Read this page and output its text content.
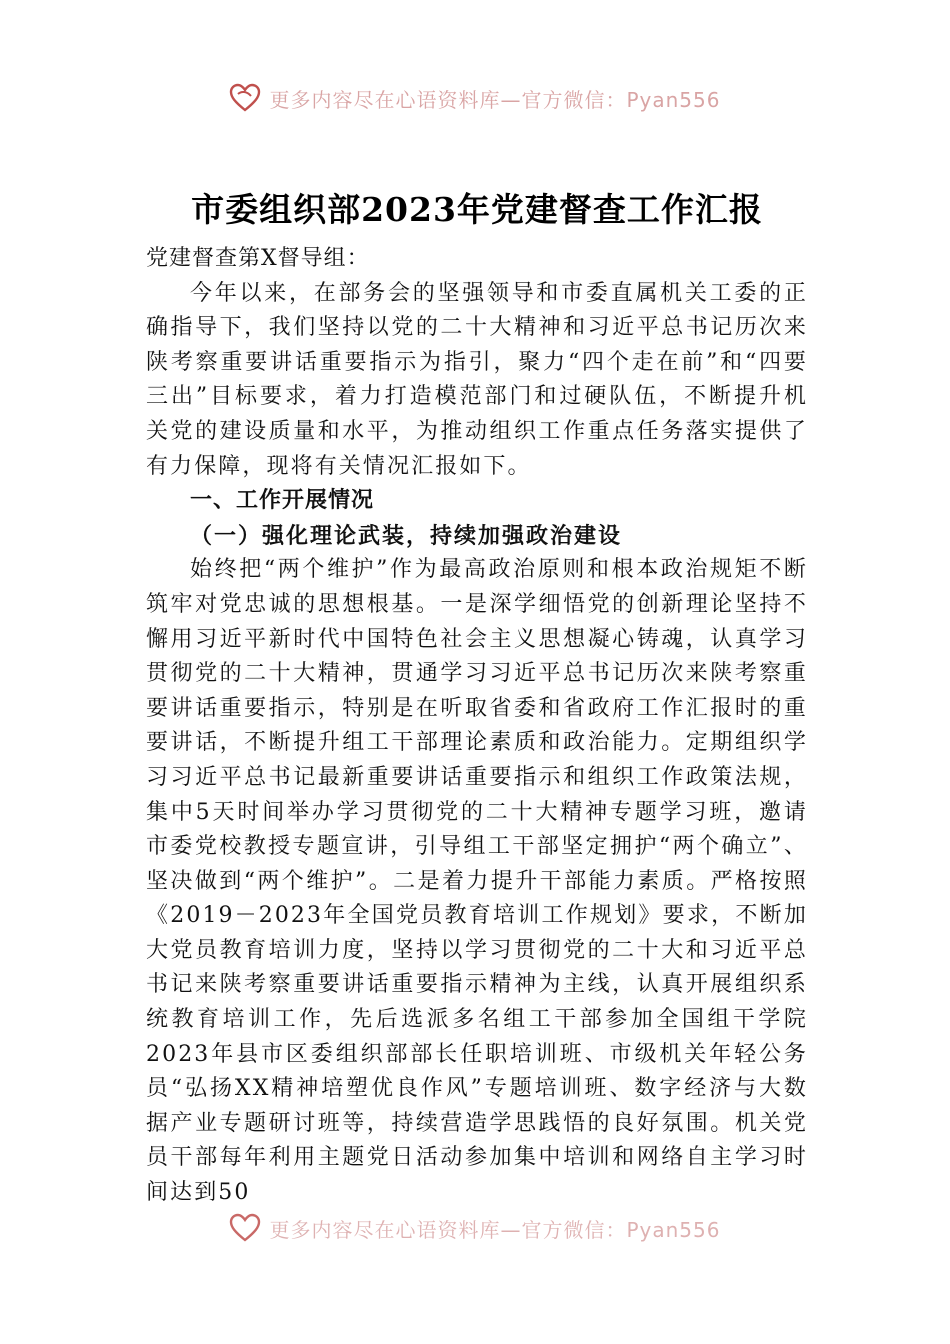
更多内容尽在心语资料库—官方微信：Pyan556
市委组织部2023年党建督查工作汇报

党建督查第X督导组：

今年以来，在部务会的坚强领导和市委直属机关工委的正确指导下，我们坚持以党的二十大精神和习近平总书记历次来陕考察重要讲话重要指示为指引，聚力“四个走在前”和“四要三出”目标要求，着力打造模范部门和过硬队伍，不断提升机关党的建设质量和水平，为推动组织工作重点任务落实提供了有力保障，现将有关情况汇报如下。

一、工作开展情况

（一）强化理论武装，持续加强政治建设

始终把“两个维护”作为最高政治原则和根本政治规矩不断筑牢对党忠诚的思想根基。一是深学细悟党的创新理论坚持不懈用习近平新时代中国特色社会主义思想凝心铸魂，认真学习贯彻党的二十大精神，贯通学习习近平总书记历次来陕考察重要讲话重要指示，特别是在听取省委和省政府工作汇报时的重要讲话，不断提升组工干部理论素质和政治能力。定期组织学习习近平总书记最新重要讲话重要指示和组织工作政策法规，集中5天时间举办学习贯彻党的二十大精神专题学习班，邀请市委党校教授专题宣讲，引导组工干部坚定拥护“两个确立”、坚决做到“两个维护”。二是着力提升干部能力素质。严格按照《2019－2023年全国党员教育培训工作规划》要求，不断加大党员教育培训力度，坚持以学习贯彻党的二十大和习近平总书记来陕考察重要讲话重要指示精神为主线，认真开展组织系统教育培训工作，先后选派多名组工干部参加全国组干学院2023年县市区委组织部部长任职培训班、市级机关年轻公务员“弘扬XX精神培塑优良作风”专题培训班、数字经济与大数据产业专题研讨班等，持续营造学思践悟的良好氛围。机关党员干部每年利用主题党日活动参加集中培训和网络自主学习时间达到50

更多内容尽在心语资料库—官方微信：Pyan556
